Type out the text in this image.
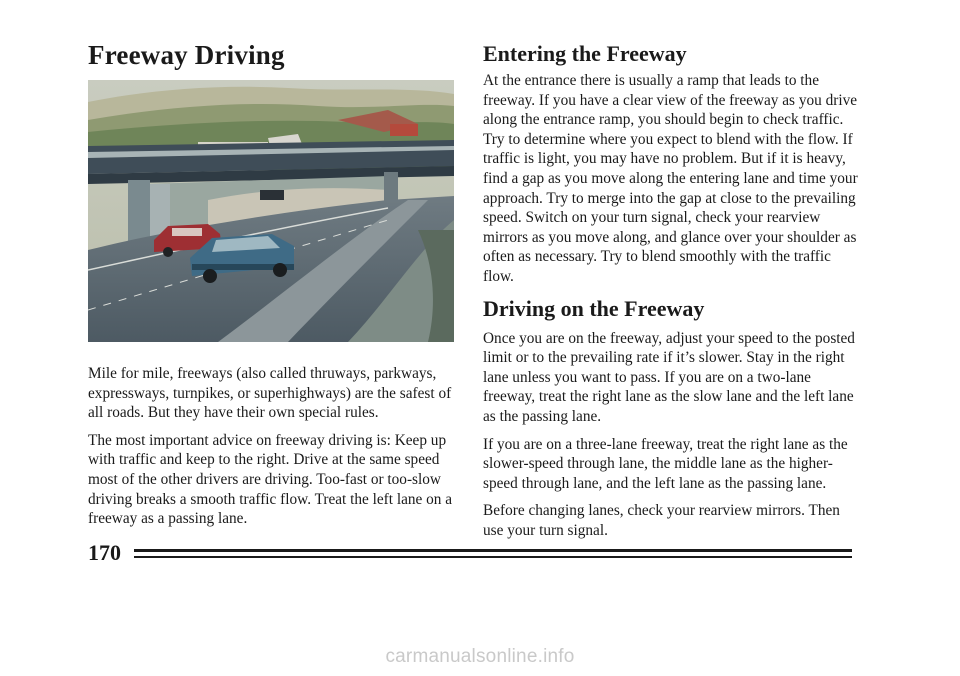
Freeway Driving

Mile for mile, freeways (also called thruways, parkways, expressways, turnpikes, or superhighways) are the safest of all roads. But they have their own special rules.

The most important advice on freeway driving is: Keep up with traffic and keep to the right. Drive at the same speed most of the other drivers are driving. Too-fast or too-slow driving breaks a smooth traffic flow. Treat the left lane on a freeway as a passing lane.

Entering the Freeway

At the entrance there is usually a ramp that leads to the freeway. If you have a clear view of the freeway as you drive along the entrance ramp, you should begin to check traffic. Try to determine where you expect to blend with the flow. If traffic is light, you may have no problem. But if it is heavy, find a gap as you move along the entering lane and time your approach. Try to merge into the gap at close to the prevailing speed. Switch on your turn signal, check your rearview mirrors as you move along, and glance over your shoulder as often as necessary. Try to blend smoothly with the traffic flow.

Driving on the Freeway

Once you are on the freeway, adjust your speed to the posted limit or to the prevailing rate if it’s slower. Stay in the right lane unless you want to pass. If you are on a two-lane freeway, treat the right lane as the slow lane and the left lane as the passing lane.

If you are on a three-lane freeway, treat the right lane as the slower-speed through lane, the middle lane as the higher-speed through lane, and the left lane as the passing lane.

Before changing lanes, check your rearview mirrors. Then use your turn signal.

170
carmanualsonline.info
